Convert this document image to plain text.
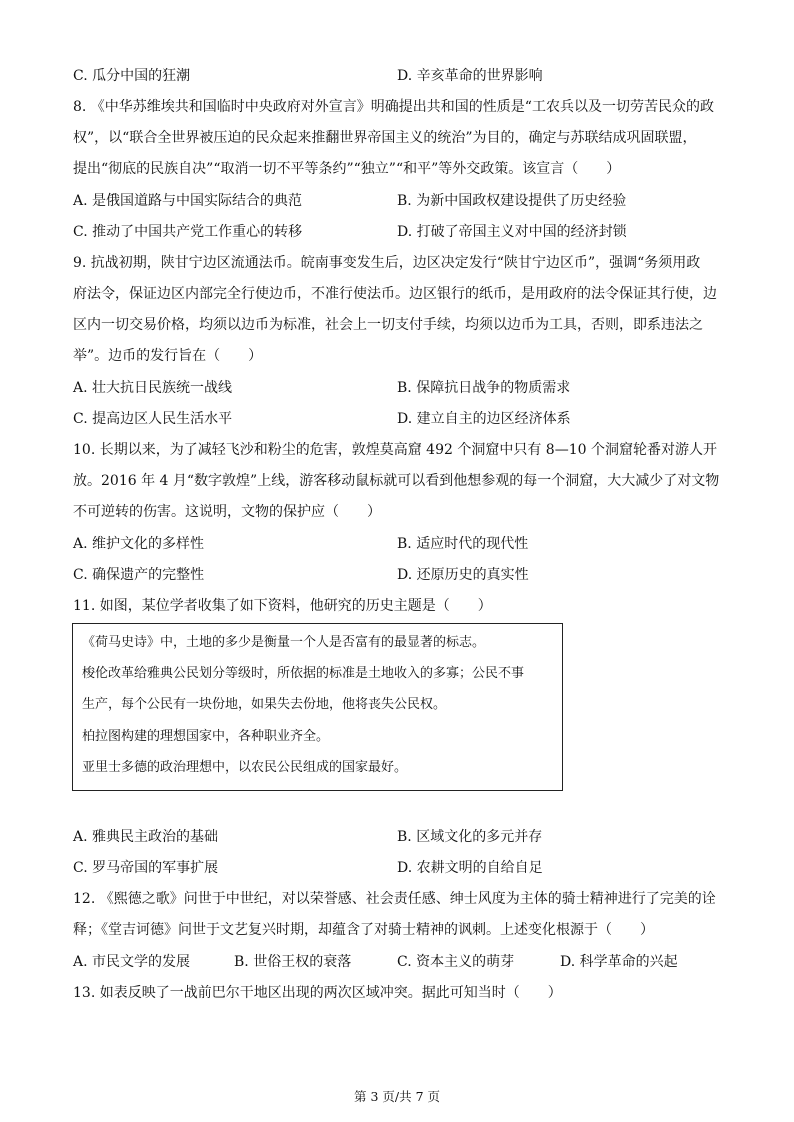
C. 瓜分中国的狂潮	D. 辛亥革命的世界影响
8. 《中华苏维埃共和国临时中央政府对外宣言》明确提出共和国的性质是“工农兵以及一切劳苦民众的政
权”，以“联合全世界被压迫的民众起来推翻世界帝国主义的统治”为目的，确定与苏联结成巩固联盟，
提出“彻底的民族自决”“取消一切不平等条约”“独立”“和平”等外交政策。该宣言（　　）
A. 是俄国道路与中国实际结合的典范	B. 为新中国政权建设提供了历史经验
C. 推动了中国共产党工作重心的转移	D. 打破了帝国主义对中国的经济封锁
9. 抗战初期，陕甘宁边区流通法币。皖南事变发生后，边区决定发行“陕甘宁边区币”，强调“务须用政
府法令，保证边区内部完全行使边币，不准行使法币。边区银行的纸币，是用政府的法令保证其行使，边
区内一切交易价格，均须以边币为标准，社会上一切支付手续，均须以边币为工具，否则，即系违法之
举”。边币的发行旨在（　　）
A. 壮大抗日民族统一战线	B. 保障抗日战争的物质需求
C. 提高边区人民生活水平	D. 建立自主的边区经济体系
10. 长期以来，为了减轻飞沙和粉尘的危害，敦煌莫高窟 492 个洞窟中只有 8—10 个洞窟轮番对游人开
放。2016 年 4 月“数字敦煌”上线，游客移动鼠标就可以看到他想参观的每一个洞窟，大大减少了对文物
不可逆转的伤害。这说明，文物的保护应（　　）
A. 维护文化的多样性	B. 适应时代的现代性
C. 确保遗产的完整性	D. 还原历史的真实性
11. 如图，某位学者收集了如下资料，他研究的历史主题是（　　）
《荷马史诗》中，土地的多少是衡量一个人是否富有的最显著的标志。
梭伦改革给雅典公民划分等级时，所依据的标准是土地收入的多寡；公民不事
生产，每个公民有一块份地，如果失去份地，他将丧失公民权。
柏拉图构建的理想国家中，各种职业齐全。
亚里士多德的政治理想中，以农民公民组成的国家最好。
A. 雅典民主政治的基础	B. 区域文化的多元并存
C. 罗马帝国的军事扩展	D. 农耕文明的自给自足
12. 《熙德之歌》问世于中世纪，对以荣誉感、社会责任感、绅士风度为主体的骑士精神进行了完美的诠
释；《堂吉诃德》问世于文艺复兴时期，却蕴含了对骑士精神的讽刺。上述变化根源于（　　）
A. 市民文学的发展	B. 世俗王权的衰落	C. 资本主义的萌芽	D. 科学革命的兴起
13. 如表反映了一战前巴尔干地区出现的两次区域冲突。据此可知当时（　　）
第 3 页/共 7 页
